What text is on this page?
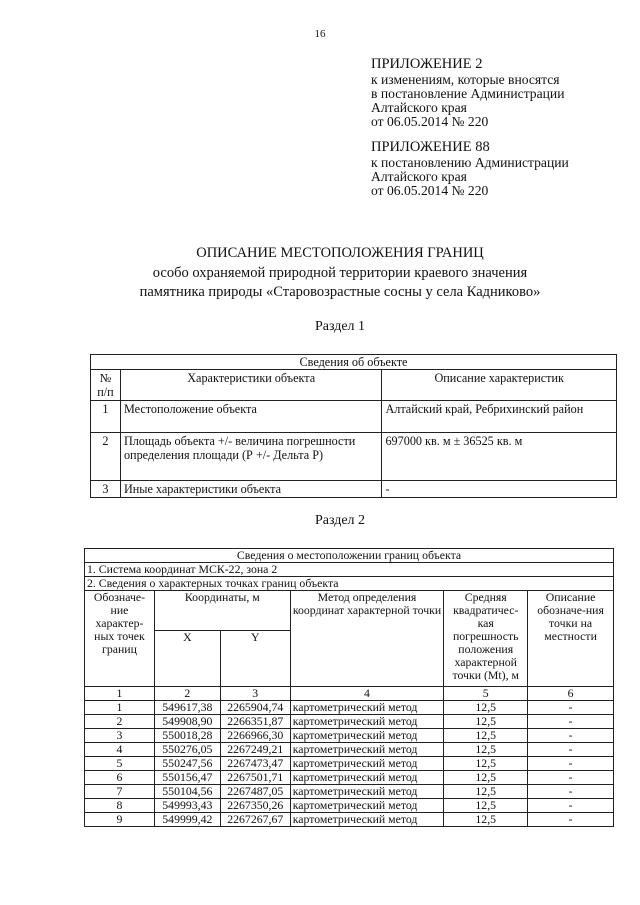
16
ПРИЛОЖЕНИЕ 2
к изменениям, которые вносятся
в постановление Администрации
Алтайского края
от 06.05.2014 № 220
ПРИЛОЖЕНИЕ 88
к постановлению Администрации
Алтайского края
от 06.05.2014 № 220
ОПИСАНИЕ МЕСТОПОЛОЖЕНИЯ ГРАНИЦ
особо охраняемой природной территории краевого значения
памятника природы «Старовозрастные сосны у села Кадниково»
Раздел 1
Сведения об объекте		
№ п/п	Характеристики объекта	Описание характеристик
1	Местоположение объекта	Алтайский край, Ребрихинский район
2	Площадь объекта +/- величина погрешности определения площади (Р +/- Дельта Р)	697000 кв. м ± 36525 кв. м
3	Иные характеристики объекта	-
Раздел 2
Сведения о местоположении границ объекта					
1. Система координат МСК-22, зона 2					
2. Сведения о характерных точках границ объекта					
Обозначе-ние характер-ных точек границ	Координаты, м		Метод определения координат характерной точки	Средняя квадратичес-кая погрешность положения характерной точки (Mt), м	Описание обозначе-ния точки на местности
	X	Y			
1	2	3	4	5	6
1	549617,38	2265904,74	картометрический метод	12,5	-
2	549908,90	2266351,87	картометрический метод	12,5	-
3	550018,28	2266966,30	картометрический метод	12,5	-
4	550276,05	2267249,21	картометрический метод	12,5	-
5	550247,56	2267473,47	картометрический метод	12,5	-
6	550156,47	2267501,71	картометрический метод	12,5	-
7	550104,56	2267487,05	картометрический метод	12,5	-
8	549993,43	2267350,26	картометрический метод	12,5	-
9	549999,42	2267267,67	картометрический метод	12,5	-
